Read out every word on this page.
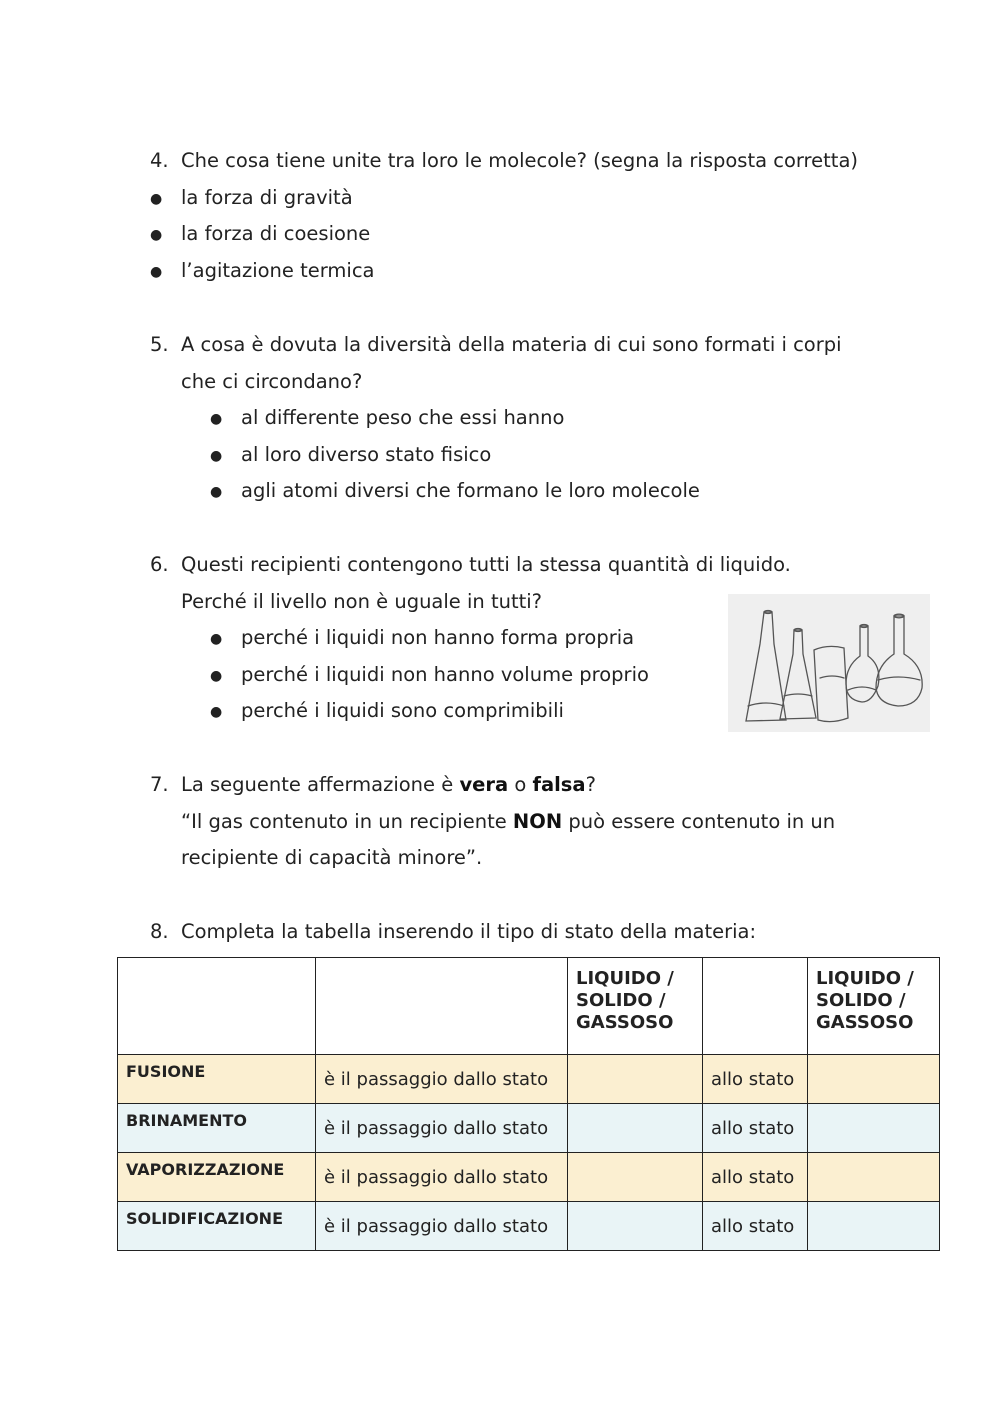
4. Che cosa tiene unite tra loro le molecole? (segna la risposta corretta)
● la forza di gravità
● la forza di coesione
● l’agitazione termica
5. A cosa è dovuta la diversità della materia di cui sono formati i corpi
che ci circondano?
● al differente peso che essi hanno
● al loro diverso stato fisico
● agli atomi diversi che formano le loro molecole
6. Questi recipienti contengono tutti la stessa quantità di liquido.
Perché il livello non è uguale in tutti?
● perché i liquidi non hanno forma propria
● perché i liquidi non hanno volume proprio
● perché i liquidi sono comprimibili
7. La seguente affermazione è vera o falsa?
“Il gas contenuto in un recipiente NON può essere contenuto in un
recipiente di capacità minore”.
8. Completa la tabella inserendo il tipo di stato della materia:
		LIQUIDO / SOLIDO / GASSOSO		LIQUIDO / SOLIDO / GASSOSO
FUSIONE	è il passaggio dallo stato		allo stato	
BRINAMENTO	è il passaggio dallo stato		allo stato	
VAPORIZZAZIONE	è il passaggio dallo stato		allo stato	
SOLIDIFICAZIONE	è il passaggio dallo stato		allo stato	
